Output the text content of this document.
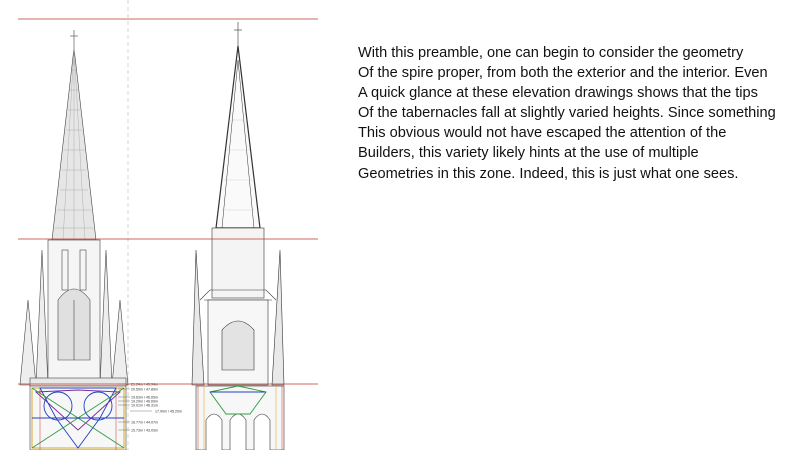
21.24m / 49.94m
20.59m / 47.89m
19.63m / 46.65m
19.29m / 46.69m
19.01m / 46.31m
17.90m / 45.20m
16.77m / 44.07m
15.73m / 43.03m
With this preamble, one can begin to consider the geometry
Of the spire proper, from both the exterior and the interior. Even
A quick glance at these elevation drawings shows that the tips
Of the tabernacles fall at slightly varied heights. Since something
This obvious would not have escaped the attention of the
Builders, this variety likely hints at the use of multiple
Geometries in this zone. Indeed, this is just what one sees.
